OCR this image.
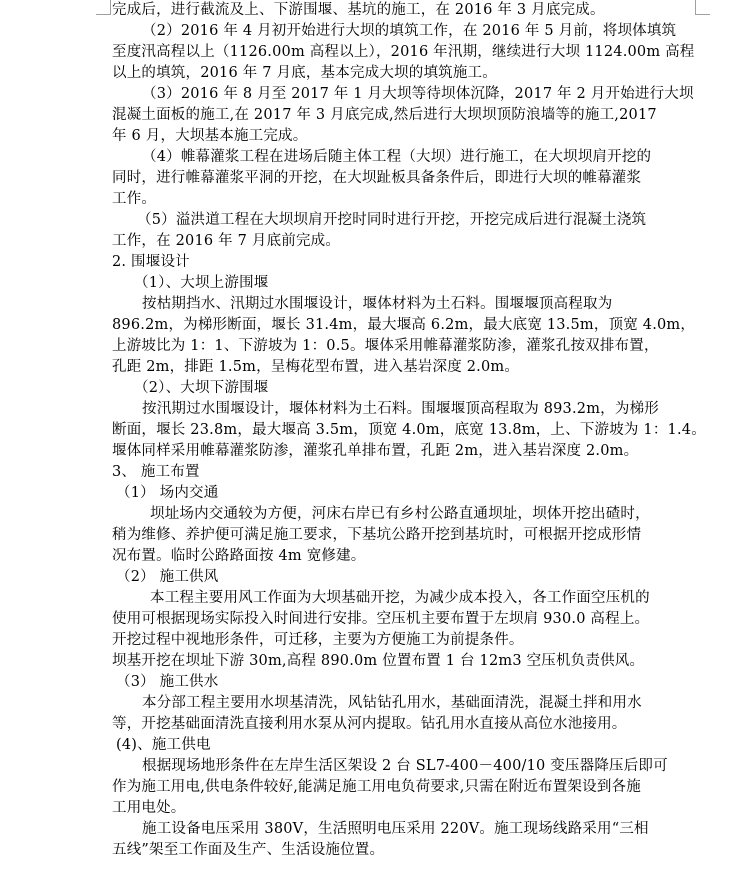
完成后，进行截流及上、下游围堰、基坑的施工，在 2016 年 3 月底完成。
（2）2016 年 4 月初开始进行大坝的填筑工作，在 2016 年 5 月前，将坝体填筑
至度汛高程以上（1126.00m 高程以上），2016 年汛期，继续进行大坝 1124.00m 高程
以上的填筑，2016 年 7 月底，基本完成大坝的填筑施工。
（3）2016 年 8 月至 2017 年 1 月大坝等待坝体沉降，2017 年 2 月开始进行大坝
混凝土面板的施工,在 2017 年 3 月底完成,然后进行大坝坝顶防浪墙等的施工,2017
年 6 月，大坝基本施工完成。
（4）帷幕灌浆工程在进场后随主体工程（大坝）进行施工，在大坝坝肩开挖的
同时，进行帷幕灌浆平洞的开挖，在大坝趾板具备条件后，即进行大坝的帷幕灌浆
工作。
（5）溢洪道工程在大坝坝肩开挖时同时进行开挖，开挖完成后进行混凝土浇筑
工作，在 2016 年 7 月底前完成。
2. 围堰设计
（1）、大坝上游围堰
按枯期挡水、汛期过水围堰设计，堰体材料为土石料。围堰堰顶高程取为
896.2m，为梯形断面，堰长 31.4m，最大堰高 6.2m，最大底宽 13.5m，顶宽 4.0m，
上游坡比为 1：1、下游坡为 1：0.5。堰体采用帷幕灌浆防渗，灌浆孔按双排布置，
孔距 2m，排距 1.5m，呈梅花型布置，进入基岩深度 2.0m。
（2）、大坝下游围堰
按汛期过水围堰设计，堰体材料为土石料。围堰堰顶高程取为 893.2m，为梯形
断面，堰长 23.8m，最大堰高 3.5m，顶宽 4.0m，底宽 13.8m，上、下游坡为 1：1.4。
堰体同样采用帷幕灌浆防渗，灌浆孔单排布置，孔距 2m，进入基岩深度 2.0m。
3、 施工布置
（1） 场内交通
坝址场内交通较为方便，河床右岸已有乡村公路直通坝址，坝体开挖出碴时，
稍为维修、养护便可满足施工要求，下基坑公路开挖到基坑时，可根据开挖成形情
况布置。临时公路路面按 4m 宽修建。
（2） 施工供风
本工程主要用风工作面为大坝基础开挖，为减少成本投入，各工作面空压机的
使用可根据现场实际投入时间进行安排。空压机主要布置于左坝肩 930.0 高程上。
开挖过程中视地形条件，可迁移，主要为方便施工为前提条件。
坝基开挖在坝址下游 30m,高程 890.0m 位置布置 1 台 12m3 空压机负责供风。
（3） 施工供水
本分部工程主要用水坝基清洗，风钻钻孔用水，基础面清洗，混凝土拌和用水
等，开挖基础面清洗直接利用水泵从河内提取。钻孔用水直接从高位水池接用。
(4)、施工供电
根据现场地形条件在左岸生活区架设 2 台 SL7-400－400/10 变压器降压后即可
作为施工用电,供电条件较好,能满足施工用电负荷要求,只需在附近布置架设到各施
工用电处。
施工设备电压采用 380V，生活照明电压采用 220V。施工现场线路采用“三相
五线”架至工作面及生产、生活设施位置。
